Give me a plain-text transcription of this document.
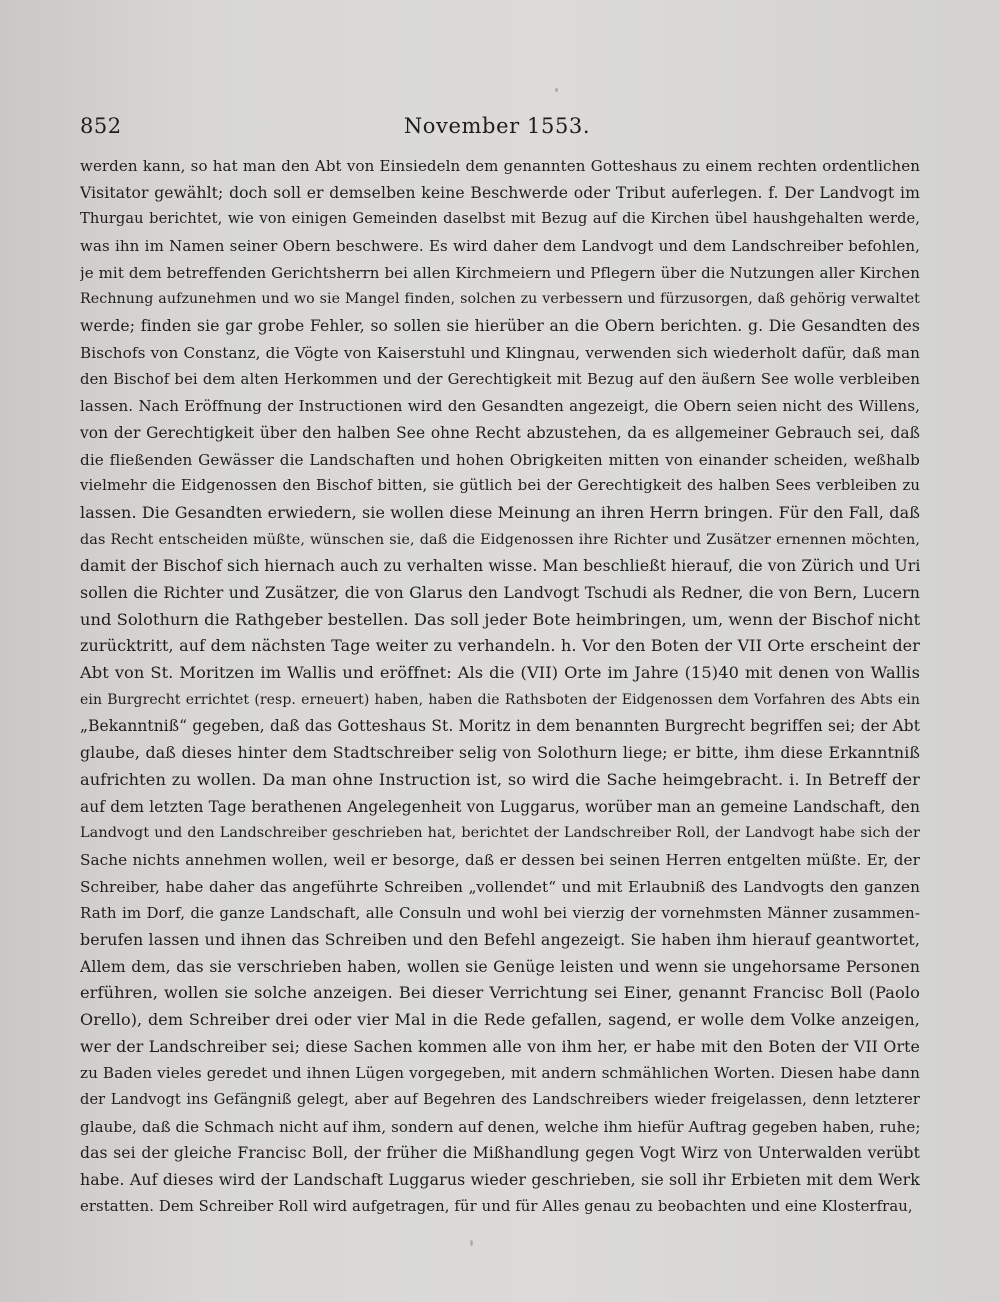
852	November 1553.
werden kann, so hat man den Abt von Einsiedeln dem genannten Gotteshaus zu einem rechten ordentlichen
Visitator gewählt; doch soll er demselben keine Beschwerde oder Tribut auferlegen. f. Der Landvogt im
Thurgau berichtet, wie von einigen Gemeinden daselbst mit Bezug auf die Kirchen übel haushgehalten werde,
was ihn im Namen seiner Obern beschwere. Es wird daher dem Landvogt und dem Landschreiber befohlen,
je mit dem betreffenden Gerichtsherrn bei allen Kirchmeiern und Pflegern über die Nutzungen aller Kirchen
Rechnung aufzunehmen und wo sie Mangel finden, solchen zu verbessern und fürzusorgen, daß gehörig verwaltet
werde; finden sie gar grobe Fehler, so sollen sie hierüber an die Obern berichten. g. Die Gesandten des
Bischofs von Constanz, die Vögte von Kaiserstuhl und Klingnau, verwenden sich wiederholt dafür, daß man
den Bischof bei dem alten Herkommen und der Gerechtigkeit mit Bezug auf den äußern See wolle verbleiben
lassen. Nach Eröffnung der Instructionen wird den Gesandten angezeigt, die Obern seien nicht des Willens,
von der Gerechtigkeit über den halben See ohne Recht abzustehen, da es allgemeiner Gebrauch sei, daß
die fließenden Gewässer die Landschaften und hohen Obrigkeiten mitten von einander scheiden, weßhalb
vielmehr die Eidgenossen den Bischof bitten, sie gütlich bei der Gerechtigkeit des halben Sees verbleiben zu
lassen. Die Gesandten erwiedern, sie wollen diese Meinung an ihren Herrn bringen. Für den Fall, daß
das Recht entscheiden müßte, wünschen sie, daß die Eidgenossen ihre Richter und Zusätzer ernennen möchten,
damit der Bischof sich hiernach auch zu verhalten wisse. Man beschließt hierauf, die von Zürich und Uri
sollen die Richter und Zusätzer, die von Glarus den Landvogt Tschudi als Redner, die von Bern, Lucern
und Solothurn die Rathgeber bestellen. Das soll jeder Bote heimbringen, um, wenn der Bischof nicht
zurücktritt, auf dem nächsten Tage weiter zu verhandeln. h. Vor den Boten der VII Orte erscheint der
Abt von St. Moritzen im Wallis und eröffnet: Als die (VII) Orte im Jahre (15)40 mit denen von Wallis
ein Burgrecht errichtet (resp. erneuert) haben, haben die Rathsboten der Eidgenossen dem Vorfahren des Abts ein
„Bekanntniß“ gegeben, daß das Gotteshaus St. Moritz in dem benannten Burgrecht begriffen sei; der Abt
glaube, daß dieses hinter dem Stadtschreiber selig von Solothurn liege; er bitte, ihm diese Erkanntniß
aufrichten zu wollen. Da man ohne Instruction ist, so wird die Sache heimgebracht. i. In Betreff der
auf dem letzten Tage berathenen Angelegenheit von Luggarus, worüber man an gemeine Landschaft, den
Landvogt und den Landschreiber geschrieben hat, berichtet der Landschreiber Roll, der Landvogt habe sich der
Sache nichts annehmen wollen, weil er besorge, daß er dessen bei seinen Herren entgelten müßte. Er, der
Schreiber, habe daher das angeführte Schreiben „vollendet“ und mit Erlaubniß des Landvogts den ganzen
Rath im Dorf, die ganze Landschaft, alle Consuln und wohl bei vierzig der vornehmsten Männer zusammen-
berufen lassen und ihnen das Schreiben und den Befehl angezeigt. Sie haben ihm hierauf geantwortet,
Allem dem, das sie verschrieben haben, wollen sie Genüge leisten und wenn sie ungehorsame Personen
erführen, wollen sie solche anzeigen. Bei dieser Verrichtung sei Einer, genannt Francisc Boll (Paolo
Orello), dem Schreiber drei oder vier Mal in die Rede gefallen, sagend, er wolle dem Volke anzeigen,
wer der Landschreiber sei; diese Sachen kommen alle von ihm her, er habe mit den Boten der VII Orte
zu Baden vieles geredet und ihnen Lügen vorgegeben, mit andern schmählichen Worten. Diesen habe dann
der Landvogt ins Gefängniß gelegt, aber auf Begehren des Landschreibers wieder freigelassen, denn letzterer
glaube, daß die Schmach nicht auf ihm, sondern auf denen, welche ihm hiefür Auftrag gegeben haben, ruhe;
das sei der gleiche Francisc Boll, der früher die Mißhandlung gegen Vogt Wirz von Unterwalden verübt
habe. Auf dieses wird der Landschaft Luggarus wieder geschrieben, sie soll ihr Erbieten mit dem Werk
erstatten. Dem Schreiber Roll wird aufgetragen, für und für Alles genau zu beobachten und eine Klosterfrau,
